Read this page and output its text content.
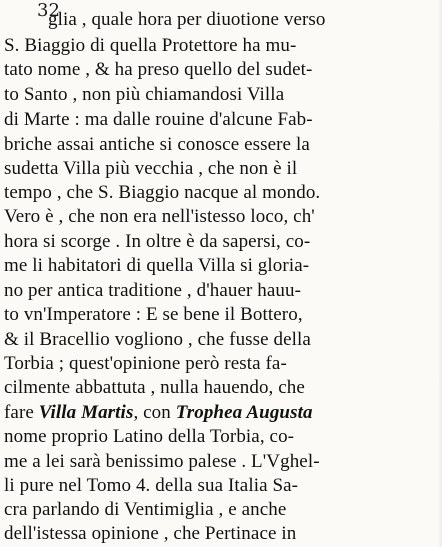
32
glia , quale hora per diuotione verso
S. Biaggio di quella Protettore ha mu-
tato nome , & ha preso quello del sudet-
to Santo , non più chiamandosi Villa
di Marte : ma dalle rouine d'alcune Fab-
briche assai antiche si conosce essere la
sudetta Villa più vecchia , che non è il
tempo , che S. Biaggio nacque al mondo.
Vero è , che non era nell'istesso loco, ch'
hora si scorge . In oltre è da sapersi, co-
me li habitatori di quella Villa si gloria-
no per antica traditione , d'hauer hauu-
to vn'Imperatore : E se bene il Bottero,
& il Bracellio vogliono , che fusse della
Torbia ; quest'opinione però resta fa-
cilmente abbattuta , nulla hauendo, che
fare Villa Martis, con Trophea Augusta
nome proprio Latino della Torbia, co-
me a lei sarà benissimo palese . L'Vghel-
li pure nel Tomo 4. della sua Italia Sa-
cra parlando di Ventimiglia , e anche
dell'istessa opinione , che Pertinace in
